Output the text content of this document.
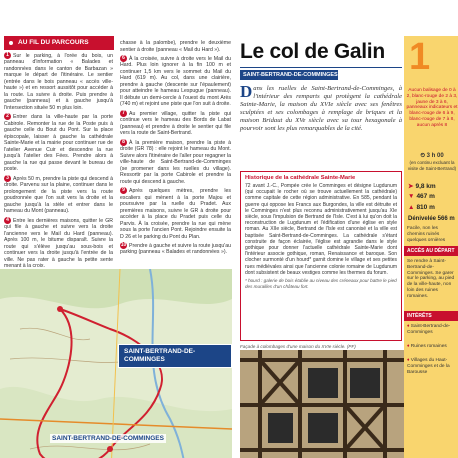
AU FIL DU PARCOURS

1 Sur le parking, à l'orée du bois, un panneau d'information « Balades et randonnées dans le canton de Barbazan » marque le départ de l'itinéraire. Le sentier (entrée dans le bois panneau « accès ville-haute ») et en ressort aussitôt pour accéder à la route. La suivre à droite. Puis prendre à gauche (panneau) et à gauche jusqu'à l'intersection située 50 m plus loin.

2 Entrer dans la ville-haute par la porte Cabirole. Remonter la rue de la Poste puis à gauche celle du Bout du Pont. Sur la place épiscopale, laisser à gauche la cathédrale Sainte-Marie et la mairie pour continuer rue de l'atelier Avenue Cuir et descendre la rue jusqu'à l'atelier des Fées. Prendre alors à gauche la rue qui passe devant le bureau de poste.

3 Après 50 m, prendre la piste qui descend à droite. Parvenu sur la plaine, continuer dans le prolongement de la piste vers la route goudronnée que l'on suit vers la droite et la gauche jusqu'à la stèle et entrer dans le hameau du Mont (panneau).

4 Entre les dernières maisons, quitter le GR qui file à gauche et suivre vers la droite l'ancienne vers le Mail du Hard (panneau). Après 100 m, le bitume disparaît. Suivre la route qui s'élève jusqu'au sous-bois et continuer vers la droite jusqu'à l'entrée de la ville. Ne pas rater à gauche la petite sente menant à la croix.

chasse à la palombe), prendre le deuxième sentier à droite (panneau « Mail du Hard »).

6 À la croisée, suivre à droite vers le Mail du Hard. Plus loin ignorer à la fin 100 m et continuer 1,5 km vers le sommet du Mail du Hard (619 m). Au col, dans une clairière, prendre à gauche (descente sur l'épaulement) pour atteindre le hameau Lespugue (panneau). Il débute un demi-cercle à l'ouest du mont Arès (740 m) et rejoint une piste que l'on suit à droite.

7 Au premier village, quitter la piste qui continue vers le hameau des Bords de Labat (panneau) et prendre à droite le sentier qui file vers la route de Saint-Bertrand.

8 À la première maison, prendre la piste à droite (GR 78) : elle rejoint le hameau du Mont. Suivre alors l'itinéraire de l'aller pour regagner la ville-haute de Saint-Bertrand-de-Comminges (se promener dans les ruelles du village). Ressortir par la porte Cabirole et prendre la route qui descend à gauche.

9 Après quelques mètres, prendre les escaliers qui mènent à la porte Majou et poursuivre par la ruelle du Pradet. Aux premières maisons, suivre le GR à droite pour accéder à la place du Pradet puis celle du Parvis. À la croisée, prendre la rue qui mène sous la porte l'ancien Pont. Rejoindre ensuite la D 26 et le parking du Pont du Plan.

10 Prendre à gauche et suivre la route jusqu'au parking (panneau « Balades et randonnées »).

SAINT-BERTRAND-DE-COMMINGES
SAINT-BERTRAND-DE-COMMINGES
Le col de Galin
SAINT-BERTRAND-DE-COMMINGES
Dans les ruelles de Saint-Bertrand-de-Comminges, à l'intérieur des remparts qui protègent la cathédrale Sainte-Marie, la maison du XVIe siècle avec ses fenêtres sculptées et ses colombages à remplage de briques et la maison Bridaut du XVe siècle avec sa tour hexagonale à pourvoir sont les plus remarquables de la cité.
Historique de la cathédrale Sainte-Marie
72 avant J.-C., Pompée crée le Comminges et désigne Lugdunum (qui occupait le rocher où se trouve actuellement la cathédrale) comme capitale de cette région administrative. En 585, pendant la guerre qui oppose les Francs aux Burgondes, la ville est détruite et le Comminges n'est plus reconnu administrativement jusqu'au XIe siècle, sous l'impulsion de Bertrand de l'Isle. C'est à lui qu'on doit la reconstruction de Lugdunum et l'édification d'une église en style roman. Au XIIe siècle, Bertrand de l'Isle est canonisé et la ville est baptisée Saint-Bertrand-de-Comminges. La cathédrale s'étant construite de façon éclairée, l'église est agrandie dans le style gothique pour donner l'actuelle cathédrale Sainte-Marie dont l'intérieur associe gothique, roman, Renaissance et baroque. Son clocher surmonté d'un hourd* garnit domine le village et ses petites rues médiévales ainsi que l'ancienne colonie romaine de Lugdunum dont subsistent de beaux vestiges comme les thermes du forum.
* hourd : galerie de bois établie au niveau des créneaux pour battre le pied des murailles d'un château fort.
Façade à colombages d'une maison du XVIe siècle. (PF)
1
Aucun balisage de 0 à 2, blanc-rouge de 2 à 3, jaune de 3 à 6, panneaux indicateurs et blanc-rouge de 6 à 9, blanc-rouge de 7 à 8, aucun après 8
⏲ 3 h 00
(en continu excluant la visite de Saint-Bertrand)
➤ 9,8 km
▼ 467 m
▲ 810 m
Dénivelée 566 m
Facile, non les chemins ruinés quelques ornières
ACCÈS AU DÉPART
Se rendre à Saint-Bertrand-de-Comminges. Se garer sur le parking, au pied de la ville-haute, non loin des ruines romaines.
INTÉRÊTS
♦ Saint-Bertrand-de-Comminges
♦ Ruines romaines
♦ Villages du Haut-Comminges et de la Barousse
